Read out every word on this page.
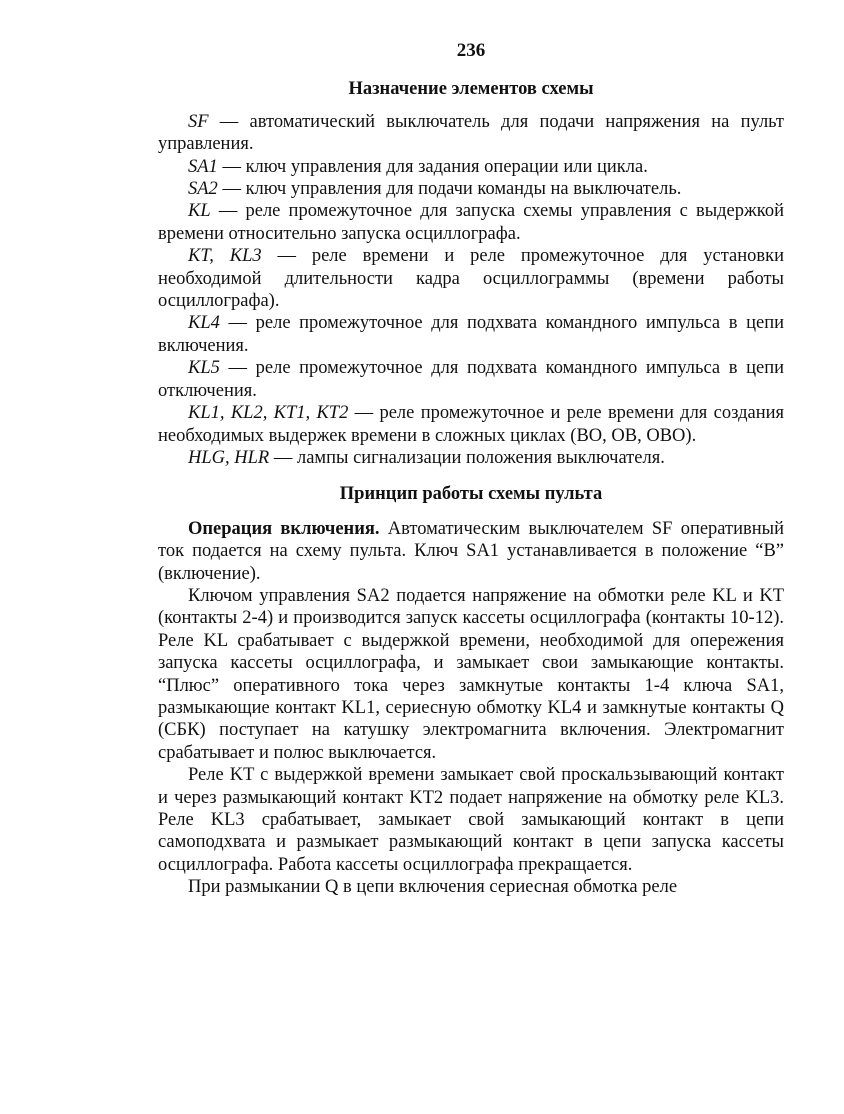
236
Назначение элементов схемы

SF — автоматический выключатель для подачи напряжения на пульт управления.

SA1 — ключ управления для задания операции или цикла.

SA2 — ключ управления для подачи команды на выключатель.

KL — реле промежуточное для запуска схемы управления с выдержкой времени относительно запуска осциллографа.

KT, KL3 — реле времени и реле промежуточное для установки необходимой длительности кадра осциллограммы (времени работы осциллографа).

KL4 — реле промежуточное для подхвата командного импульса в цепи включения.

KL5 — реле промежуточное для подхвата командного импульса в цепи отключения.

KL1, KL2, KT1, KT2 — реле промежуточное и реле времени для создания необходимых выдержек времени в сложных циклах (ВО, ОВ, ОВО).

HLG, HLR — лампы сигнализации положения выключателя.

Принцип работы схемы пульта

Операция включения. Автоматическим выключателем SF оперативный ток подается на схему пульта. Ключ SA1 устанавливается в положение “В” (включение).

Ключом управления SA2 подается напряжение на обмотки реле KL и KT (контакты 2-4) и производится запуск кассеты осциллографа (контакты 10-12). Реле KL срабатывает с выдержкой времени, необходимой для опережения запуска кассеты осциллографа, и замыкает свои замыкающие контакты. “Плюс” оперативного тока через замкнутые контакты 1-4 ключа SA1, размыкающие контакт KL1, сериесную обмотку KL4 и замкнутые контакты Q (СБК) поступает на катушку электромагнита включения. Электромагнит срабатывает и полюс выключается.

Реле KT с выдержкой времени замыкает свой проскальзывающий контакт и через размыкающий контакт KT2 подает напряжение на обмотку реле KL3. Реле KL3 срабатывает, замыкает свой замыкающий контакт в цепи самоподхвата и размыкает размыкающий контакт в цепи запуска кассеты осциллографа. Работа кассеты осциллографа прекращается.

При размыкании Q в цепи включения сериесная обмотка реле
